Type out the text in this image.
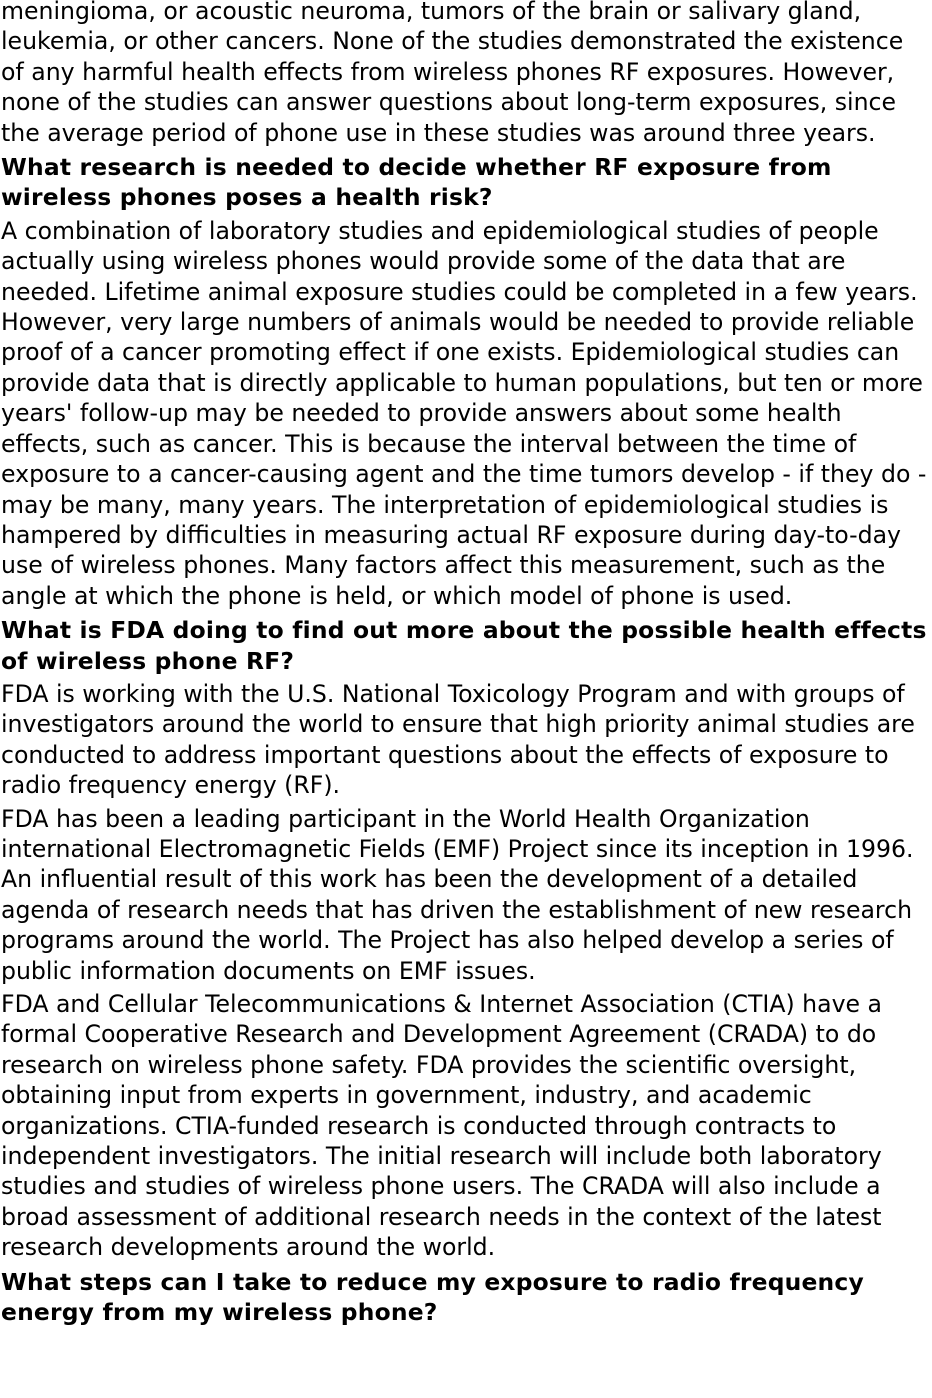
meningioma, or acoustic neuroma, tumors of the brain or salivary gland, leukemia, or other cancers. None of the studies demonstrated the existence of any harmful health effects from wireless phones RF exposures. However, none of the studies can answer questions about long-term exposures, since the average period of phone use in these studies was around three years.

What research is needed to decide whether RF exposure from wireless phones poses a health risk?

A combination of laboratory studies and epidemiological studies of people actually using wireless phones would provide some of the data that are needed. Lifetime animal exposure studies could be completed in a few years. However, very large numbers of animals would be needed to provide reliable proof of a cancer promoting effect if one exists. Epidemiological studies can provide data that is directly applicable to human populations, but ten or more years' follow-up may be needed to provide answers about some health effects, such as cancer. This is because the interval between the time of exposure to a cancer-causing agent and the time tumors develop - if they do - may be many, many years. The interpretation of epidemiological studies is hampered by difficulties in measuring actual RF exposure during day-to-day use of wireless phones. Many factors affect this measurement, such as the angle at which the phone is held, or which model of phone is used.

What is FDA doing to find out more about the possible health effects of wireless phone RF?

FDA is working with the U.S. National Toxicology Program and with groups of investigators around the world to ensure that high priority animal studies are conducted to address important questions about the effects of exposure to radio frequency energy (RF).

FDA has been a leading participant in the World Health Organization international Electromagnetic Fields (EMF) Project since its inception in 1996. An influential result of this work has been the development of a detailed agenda of research needs that has driven the establishment of new research programs around the world. The Project has also helped develop a series of public information documents on EMF issues.

FDA and Cellular Telecommunications & Internet Association (CTIA) have a formal Cooperative Research and Development Agreement (CRADA) to do research on wireless phone safety. FDA provides the scientific oversight, obtaining input from experts in government, industry, and academic organizations. CTIA-funded research is conducted through contracts to independent investigators. The initial research will include both laboratory studies and studies of wireless phone users. The CRADA will also include a broad assessment of additional research needs in the context of the latest research developments around the world.

What steps can I take to reduce my exposure to radio frequency energy from my wireless phone?
